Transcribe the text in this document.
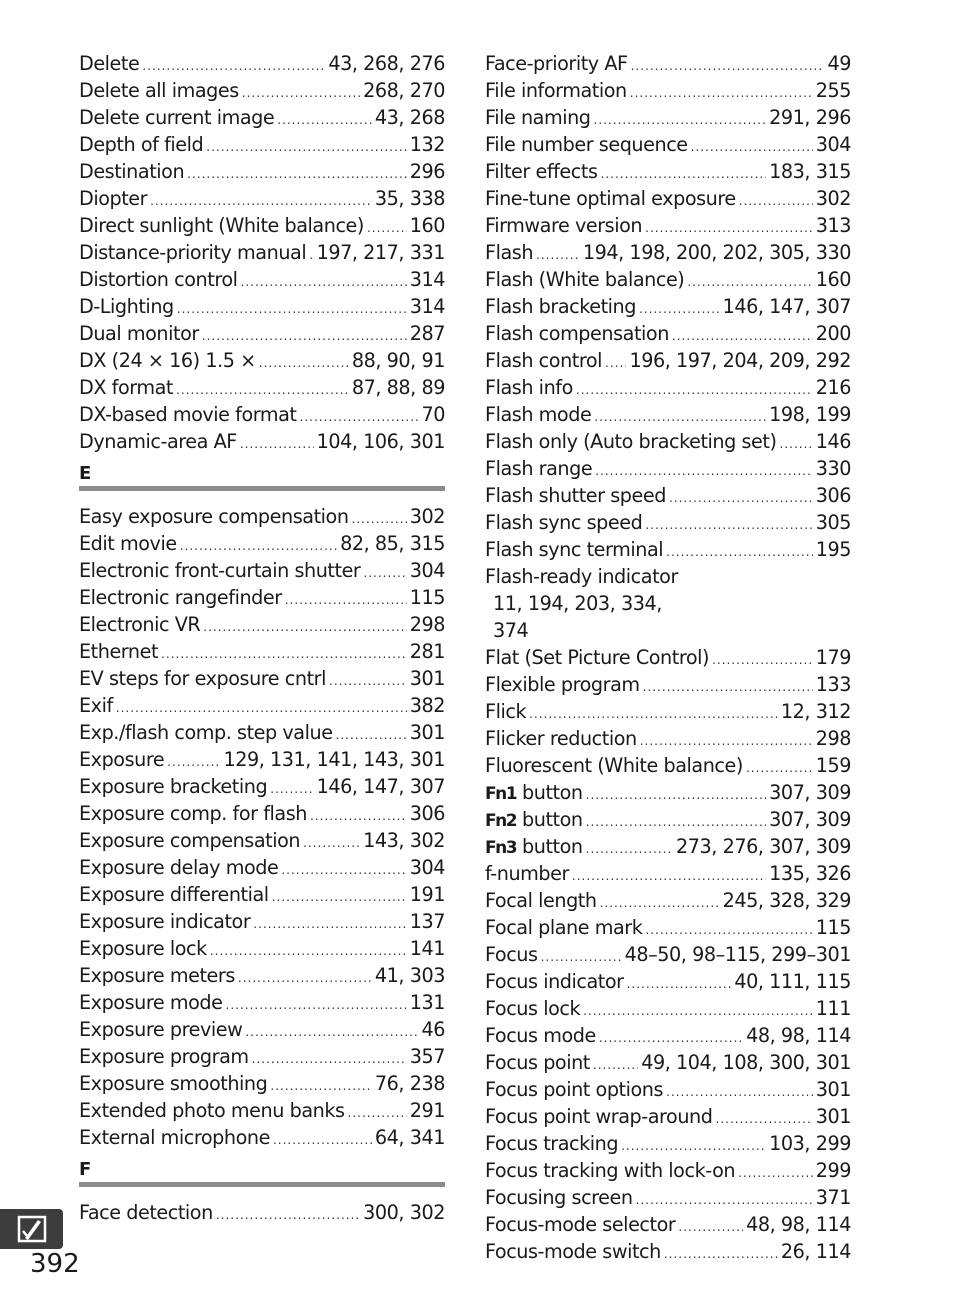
Delete .....	43, 268, 276
Delete all images .....	268, 270
Delete current image .....	43, 268
Depth of field .....	132
Destination .....	296
Diopter .....	35, 338
Direct sunlight (White balance) ..... 160
Distance-priority manual ..... 197, 217, 331
Distortion control .....	314
D-Lighting .....	314
Dual monitor .....	287
DX (24 × 16) 1.5 × .....	88, 90, 91
DX format .....	87, 88, 89
DX-based movie format .....	70
Dynamic-area AF .....	104, 106, 301
E
Easy exposure compensation .....	302
Edit movie .....	82, 85, 315
Electronic front-curtain shutter .....	304
Electronic rangefinder .....	115
Electronic VR .....	298
Ethernet .....	281
EV steps for exposure cntrl .....	301
Exif .....	382
Exp./flash comp. step value .....	301
Exposure .....	129, 131, 141, 143, 301
Exposure bracketing .....	146, 147, 307
Exposure comp. for flash .....	306
Exposure compensation .....	143, 302
Exposure delay mode .....	304
Exposure differential .....	191
Exposure indicator .....	137
Exposure lock .....	141
Exposure meters .....	41, 303
Exposure mode .....	131
Exposure preview .....	46
Exposure program .....	357
Exposure smoothing .....	76, 238
Extended photo menu banks .....	291
External microphone .....	64, 341
F
Face detection .....	300, 302
Face-priority AF .....	49
File information .....	255
File naming .....	291, 296
File number sequence .....	304
Filter effects .....	183, 315
Fine-tune optimal exposure .....	302
Firmware version .....	313
Flash .....	194, 198, 200, 202, 305, 330
Flash (White balance) .....	160
Flash bracketing .....	146, 147, 307
Flash compensation .....	200
Flash control ..... 196, 197, 204, 209, 292
Flash info .....	216
Flash mode .....	198, 199
Flash only (Auto bracketing set) ..... 146
Flash range .....	330
Flash shutter speed .....	306
Flash sync speed .....	305
Flash sync terminal .....	195
Flash-ready indicator
11, 194, 203, 334,
374
Flat (Set Picture Control) .....	179
Flexible program .....	133
Flick .....	12, 312
Flicker reduction .....	298
Fluorescent (White balance) .....	159
Fn1 button .....	307, 309
Fn2 button .....	307, 309
Fn3 button .....	273, 276, 307, 309
f-number .....	135, 326
Focal length .....	245, 328, 329
Focal plane mark .....	115
Focus .....	48–50, 98–115, 299–301
Focus indicator .....	40, 111, 115
Focus lock .....	111
Focus mode .....	48, 98, 114
Focus point .....	49, 104, 108, 300, 301
Focus point options .....	301
Focus point wrap-around .....	301
Focus tracking .....	103, 299
Focus tracking with lock-on .....	299
Focusing screen .....	371
Focus-mode selector .....	48, 98, 114
Focus-mode switch .....	26, 114
392
